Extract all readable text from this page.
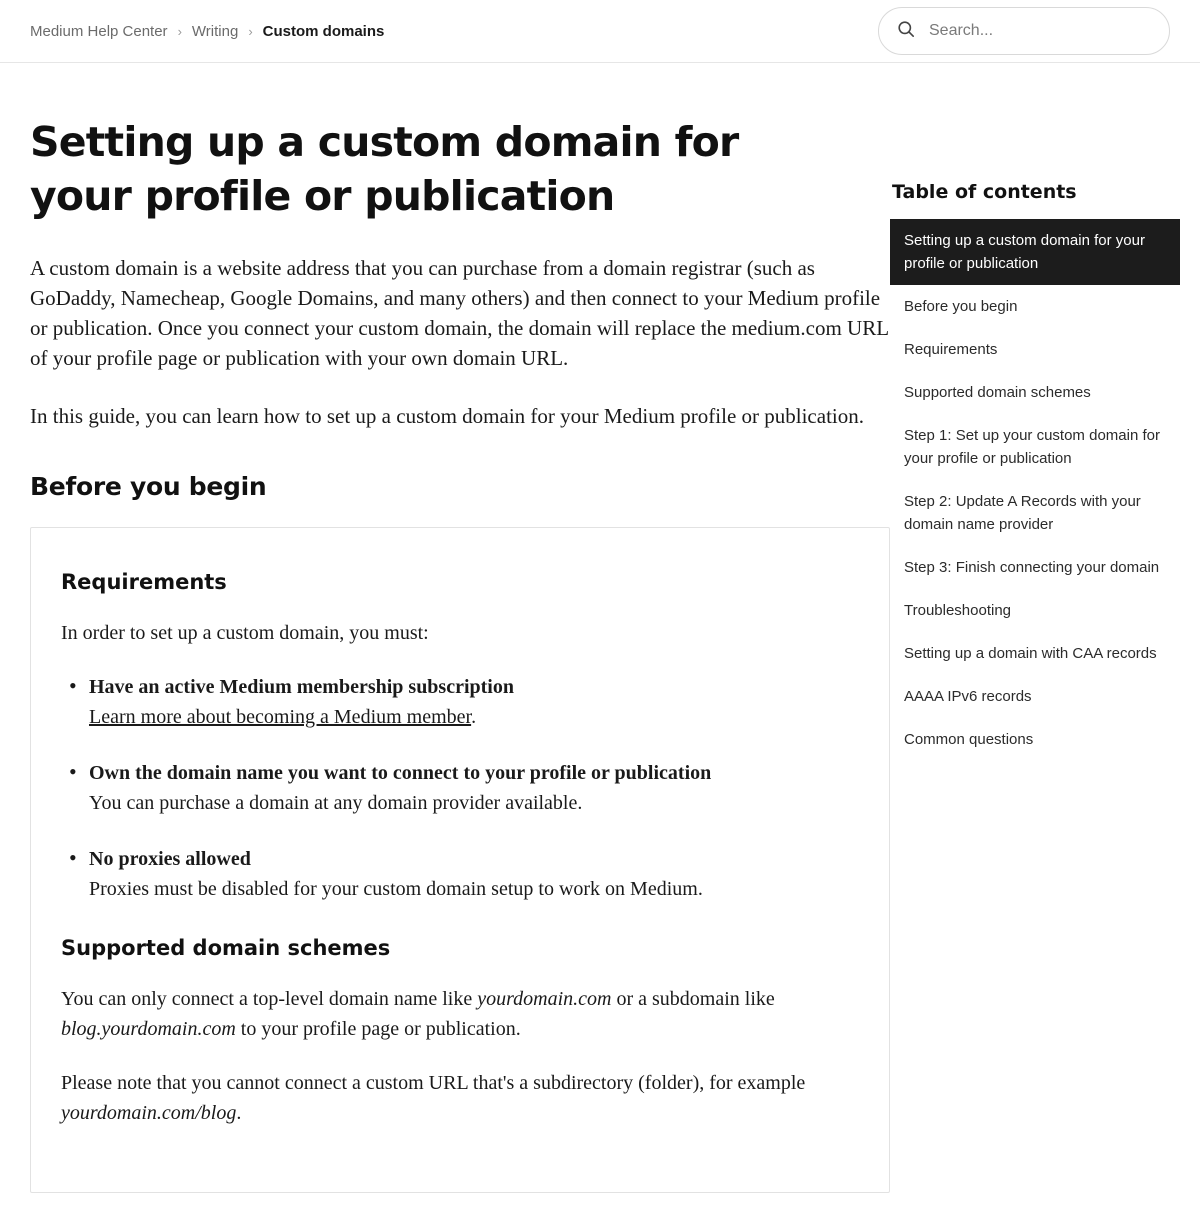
Medium Help Center › Writing › Custom domains
Search...
Setting up a custom domain for your profile or publication

A custom domain is a website address that you can purchase from a domain registrar (such as GoDaddy, Namecheap, Google Domains, and many others) and then connect to your Medium profile or publication. Once you connect your custom domain, the domain will replace the medium.com URL of your profile page or publication with your own domain URL.

In this guide, you can learn how to set up a custom domain for your Medium profile or publication.

Before you begin
Requirements

In order to set up a custom domain, you must:

• Have an active Medium membership subscription
Learn more about becoming a Medium member.
• Own the domain name you want to connect to your profile or publication
You can purchase a domain at any domain provider available.
• No proxies allowed
Proxies must be disabled for your custom domain setup to work on Medium.
Supported domain schemes

You can only connect a top-level domain name like yourdomain.com or a subdomain like blog.yourdomain.com to your profile page or publication.

Please note that you cannot connect a custom URL that's a subdirectory (folder), for example yourdomain.com/blog.

Table of contents
Setting up a custom domain for your profile or publication
Before you begin
Requirements
Supported domain schemes
Step 1: Set up your custom domain for your profile or publication
Step 2: Update A Records with your domain name provider
Step 3: Finish connecting your domain
Troubleshooting
Setting up a domain with CAA records
AAAA IPv6 records
Common questions
